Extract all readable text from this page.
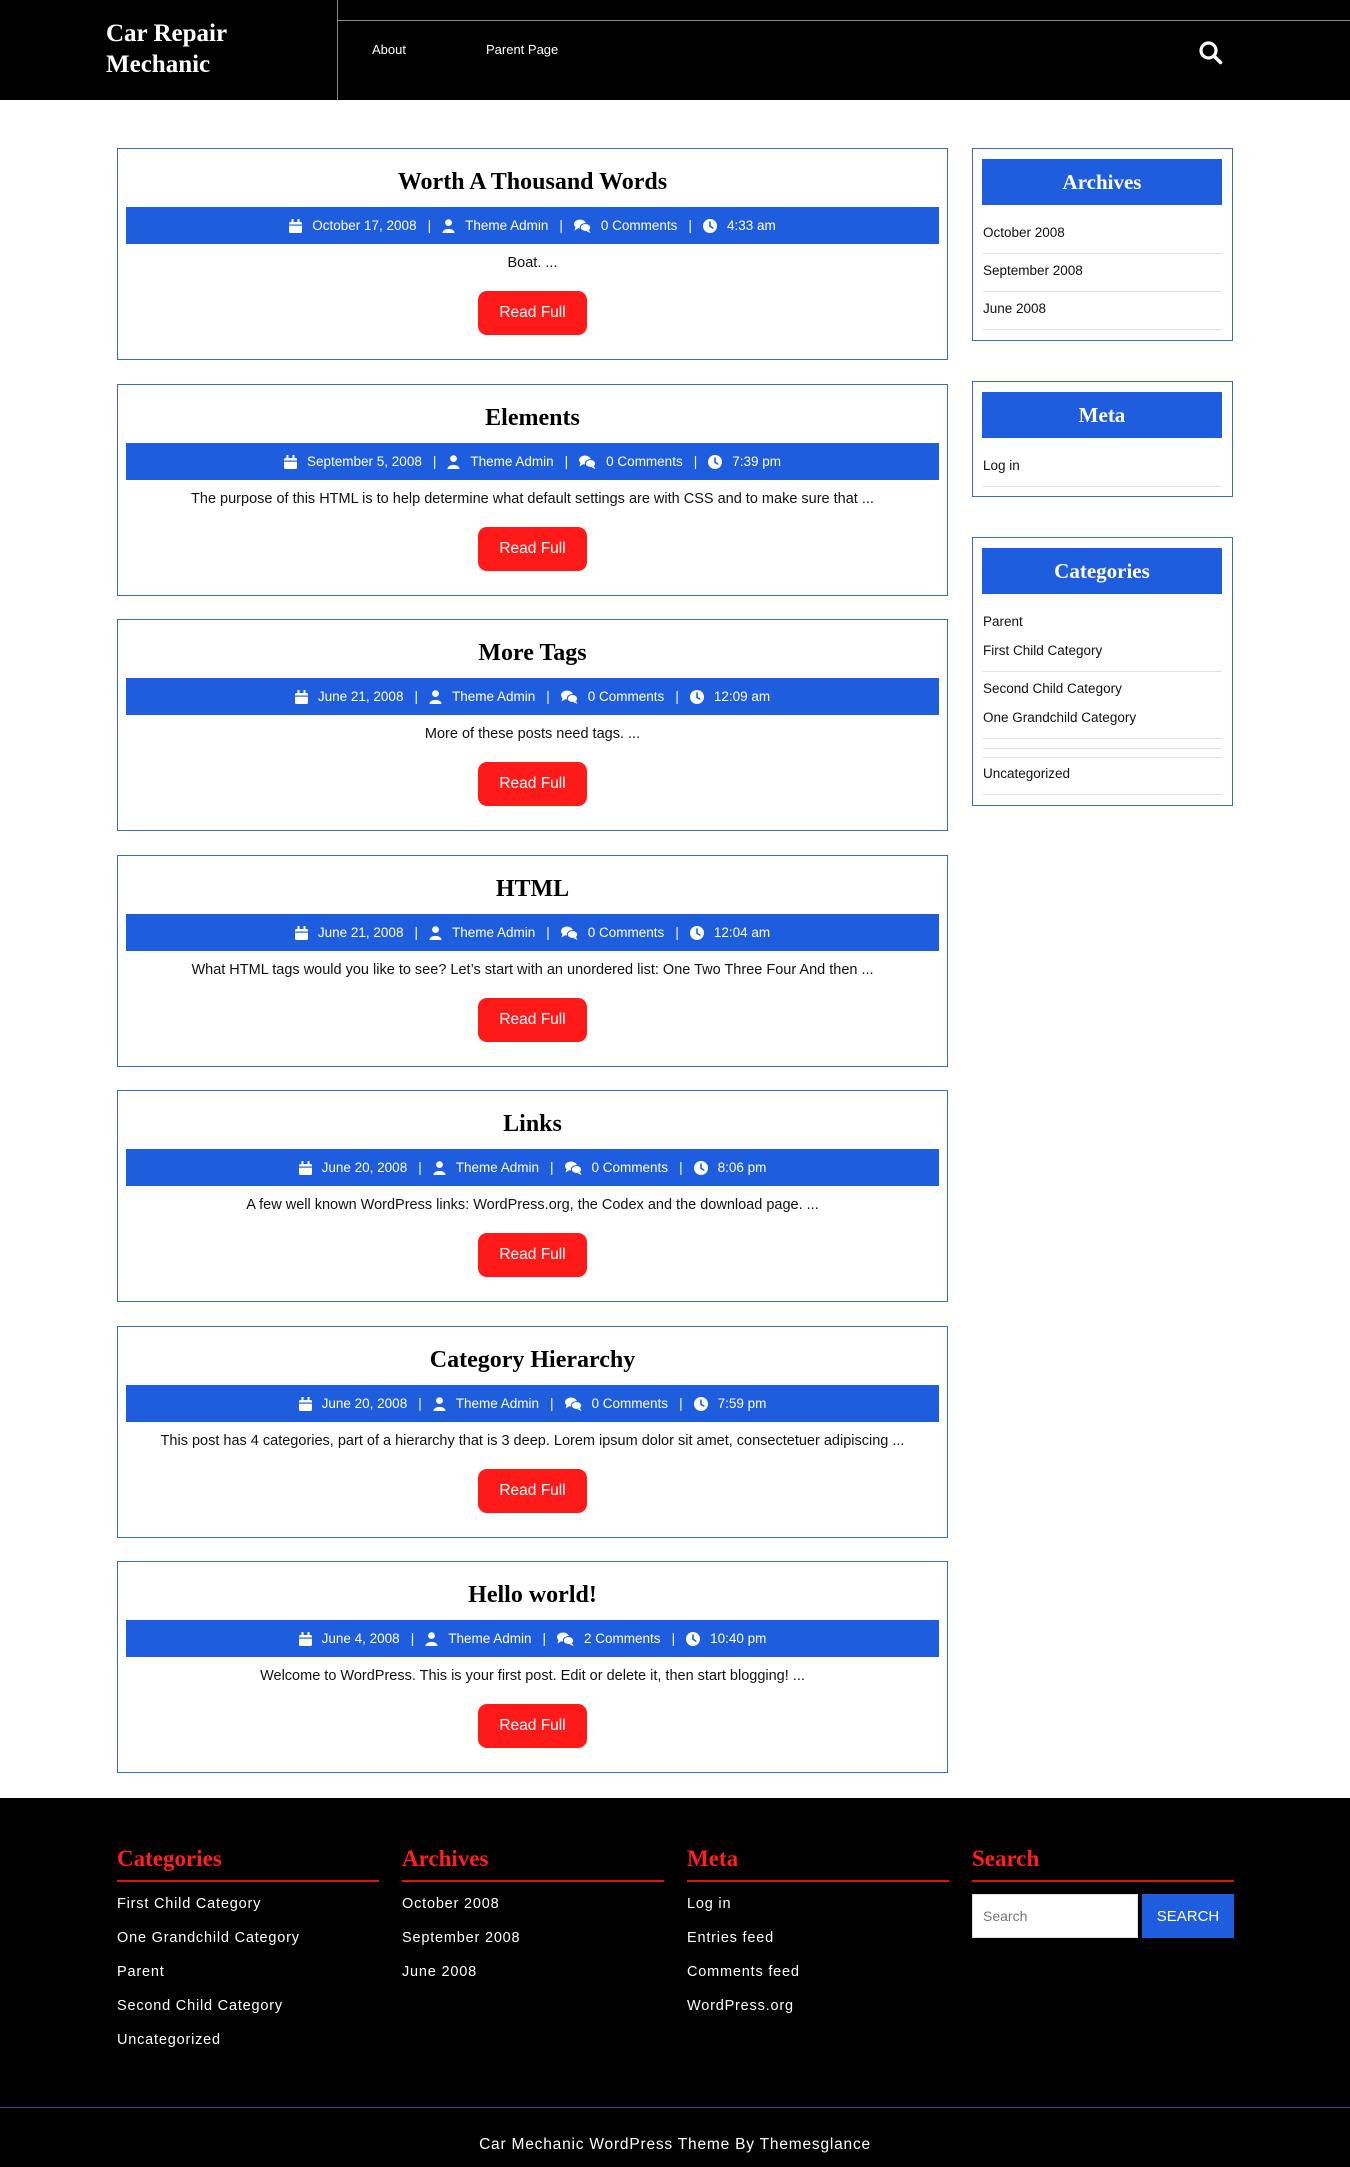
Car Repair Mechanic
About	Parent Page
Worth A Thousand Words
October 17, 2008 |	Theme Admin |	0 Comments |	4:33 am
Boat. ...
Read Full
Elements
September 5, 2008 |	Theme Admin |	0 Comments |	7:39 pm
The purpose of this HTML is to help determine what default settings are with CSS and to make sure that ...
Read Full
More Tags
June 21, 2008 |	Theme Admin |	0 Comments |	12:09 am
More of these posts need tags. ...
Read Full
HTML
June 21, 2008 |	Theme Admin |	0 Comments |	12:04 am
What HTML tags would you like to see? Let’s start with an unordered list: One Two Three Four And then ...
Read Full
Links
June 20, 2008 |	Theme Admin |	0 Comments |	8:06 pm
A few well known WordPress links: WordPress.org, the Codex and the download page. ...
Read Full
Category Hierarchy
June 20, 2008 |	Theme Admin |	0 Comments |	7:59 pm
This post has 4 categories, part of a hierarchy that is 3 deep. Lorem ipsum dolor sit amet, consectetuer adipiscing ...
Read Full
Hello world!
June 4, 2008 |	Theme Admin |	2 Comments |	10:40 pm
Welcome to WordPress. This is your first post. Edit or delete it, then start blogging! ...
Read Full
Archives
October 2008
September 2008
June 2008
Meta
Log in
Categories
Parent
First Child Category
Second Child Category
One Grandchild Category
Uncategorized
Categories
First Child Category
One Grandchild Category
Parent
Second Child Category
Uncategorized
Archives
October 2008
September 2008
June 2008
Meta
Log in
Entries feed
Comments feed
WordPress.org
Search
Search	SEARCH
Car Mechanic WordPress Theme By Themesglance
